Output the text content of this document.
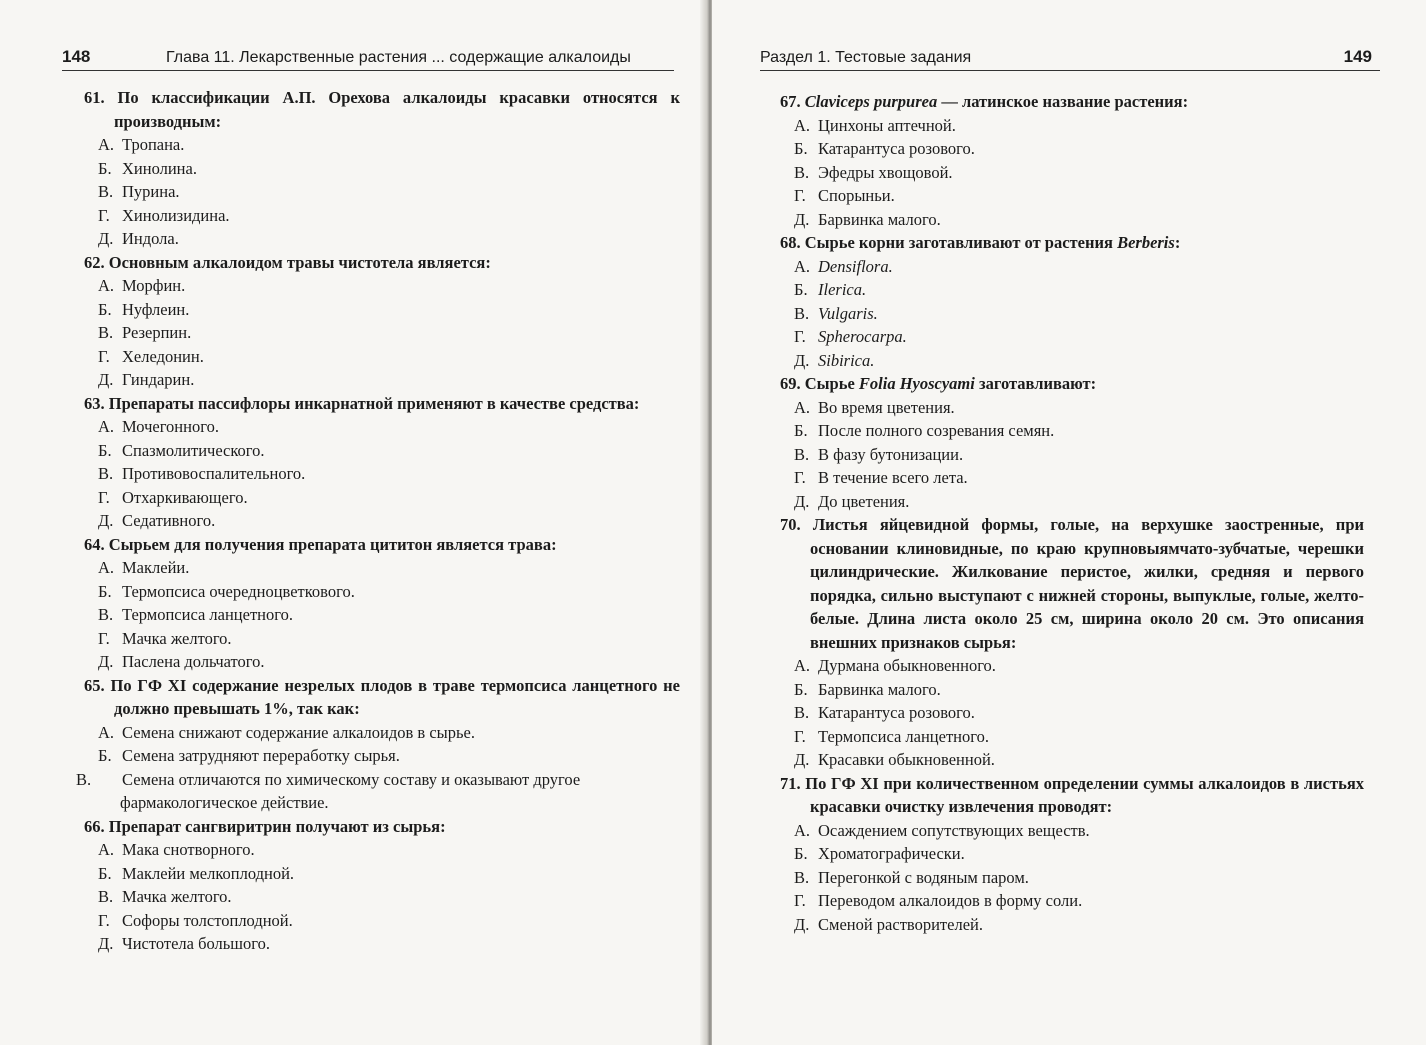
148	Глава 11. Лекарственные растения ... содержащие алкалоиды
61. По классификации А.П. Орехова алкалоиды красавки относятся к производным:
А. Тропана.
Б. Хинолина.
В. Пурина.
Г. Хинолизидина.
Д. Индола.
62. Основным алкалоидом травы чистотела является:
А. Морфин.
Б. Нуфлеин.
В. Резерпин.
Г. Хеледонин.
Д. Гиндарин.
63. Препараты пассифлоры инкарнатной применяют в качестве средства:
А. Мочегонного.
Б. Спазмолитического.
В. Противовоспалительного.
Г. Отхаркивающего.
Д. Седативного.
64. Сырьем для получения препарата цититон является трава:
А. Маклейи.
Б. Термопсиса очередноцветкового.
В. Термопсиса ланцетного.
Г. Мачка желтого.
Д. Паслена дольчатого.
65. По ГФ XI содержание незрелых плодов в траве термопсиса ланцетного не должно превышать 1%, так как:
А. Семена снижают содержание алкалоидов в сырье.
Б. Семена затрудняют переработку сырья.
В. Семена отличаются по химическому составу и оказывают другое фармакологическое действие.
66. Препарат сангвиритрин получают из сырья:
А. Мака снотворного.
Б. Маклейи мелкоплодной.
В. Мачка желтого.
Г. Софоры толстоплодной.
Д. Чистотела большого.
Раздел 1. Тестовые задания	149
67. Claviceps purpurea — латинское название растения:
А. Цинхоны аптечной.
Б. Катарантуса розового.
В. Эфедры хвощовой.
Г. Спорыньи.
Д. Барвинка малого.
68. Сырье корни заготавливают от растения Berberis:
А. Densiflora.
Б. Ilerica.
В. Vulgaris.
Г. Spherocarpa.
Д. Sibirica.
69. Сырье Folia Hyoscyami заготавливают:
А. Во время цветения.
Б. После полного созревания семян.
В. В фазу бутонизации.
Г. В течение всего лета.
Д. До цветения.
70. Листья яйцевидной формы, голые, на верхушке заостренные, при основании клиновидные, по краю крупновыямчато-зубчатые, черешки цилиндрические. Жилкование перистое, жилки, средняя и первого порядка, сильно выступают с нижней стороны, выпуклые, голые, желто-белые. Длина листа около 25 см, ширина около 20 см. Это описания внешних признаков сырья:
А. Дурмана обыкновенного.
Б. Барвинка малого.
В. Катарантуса розового.
Г. Термопсиса ланцетного.
Д. Красавки обыкновенной.
71. По ГФ XI при количественном определении суммы алкалоидов в листьях красавки очистку извлечения проводят:
А. Осаждением сопутствующих веществ.
Б. Хроматографически.
В. Перегонкой с водяным паром.
Г. Переводом алкалоидов в форму соли.
Д. Сменой растворителей.
